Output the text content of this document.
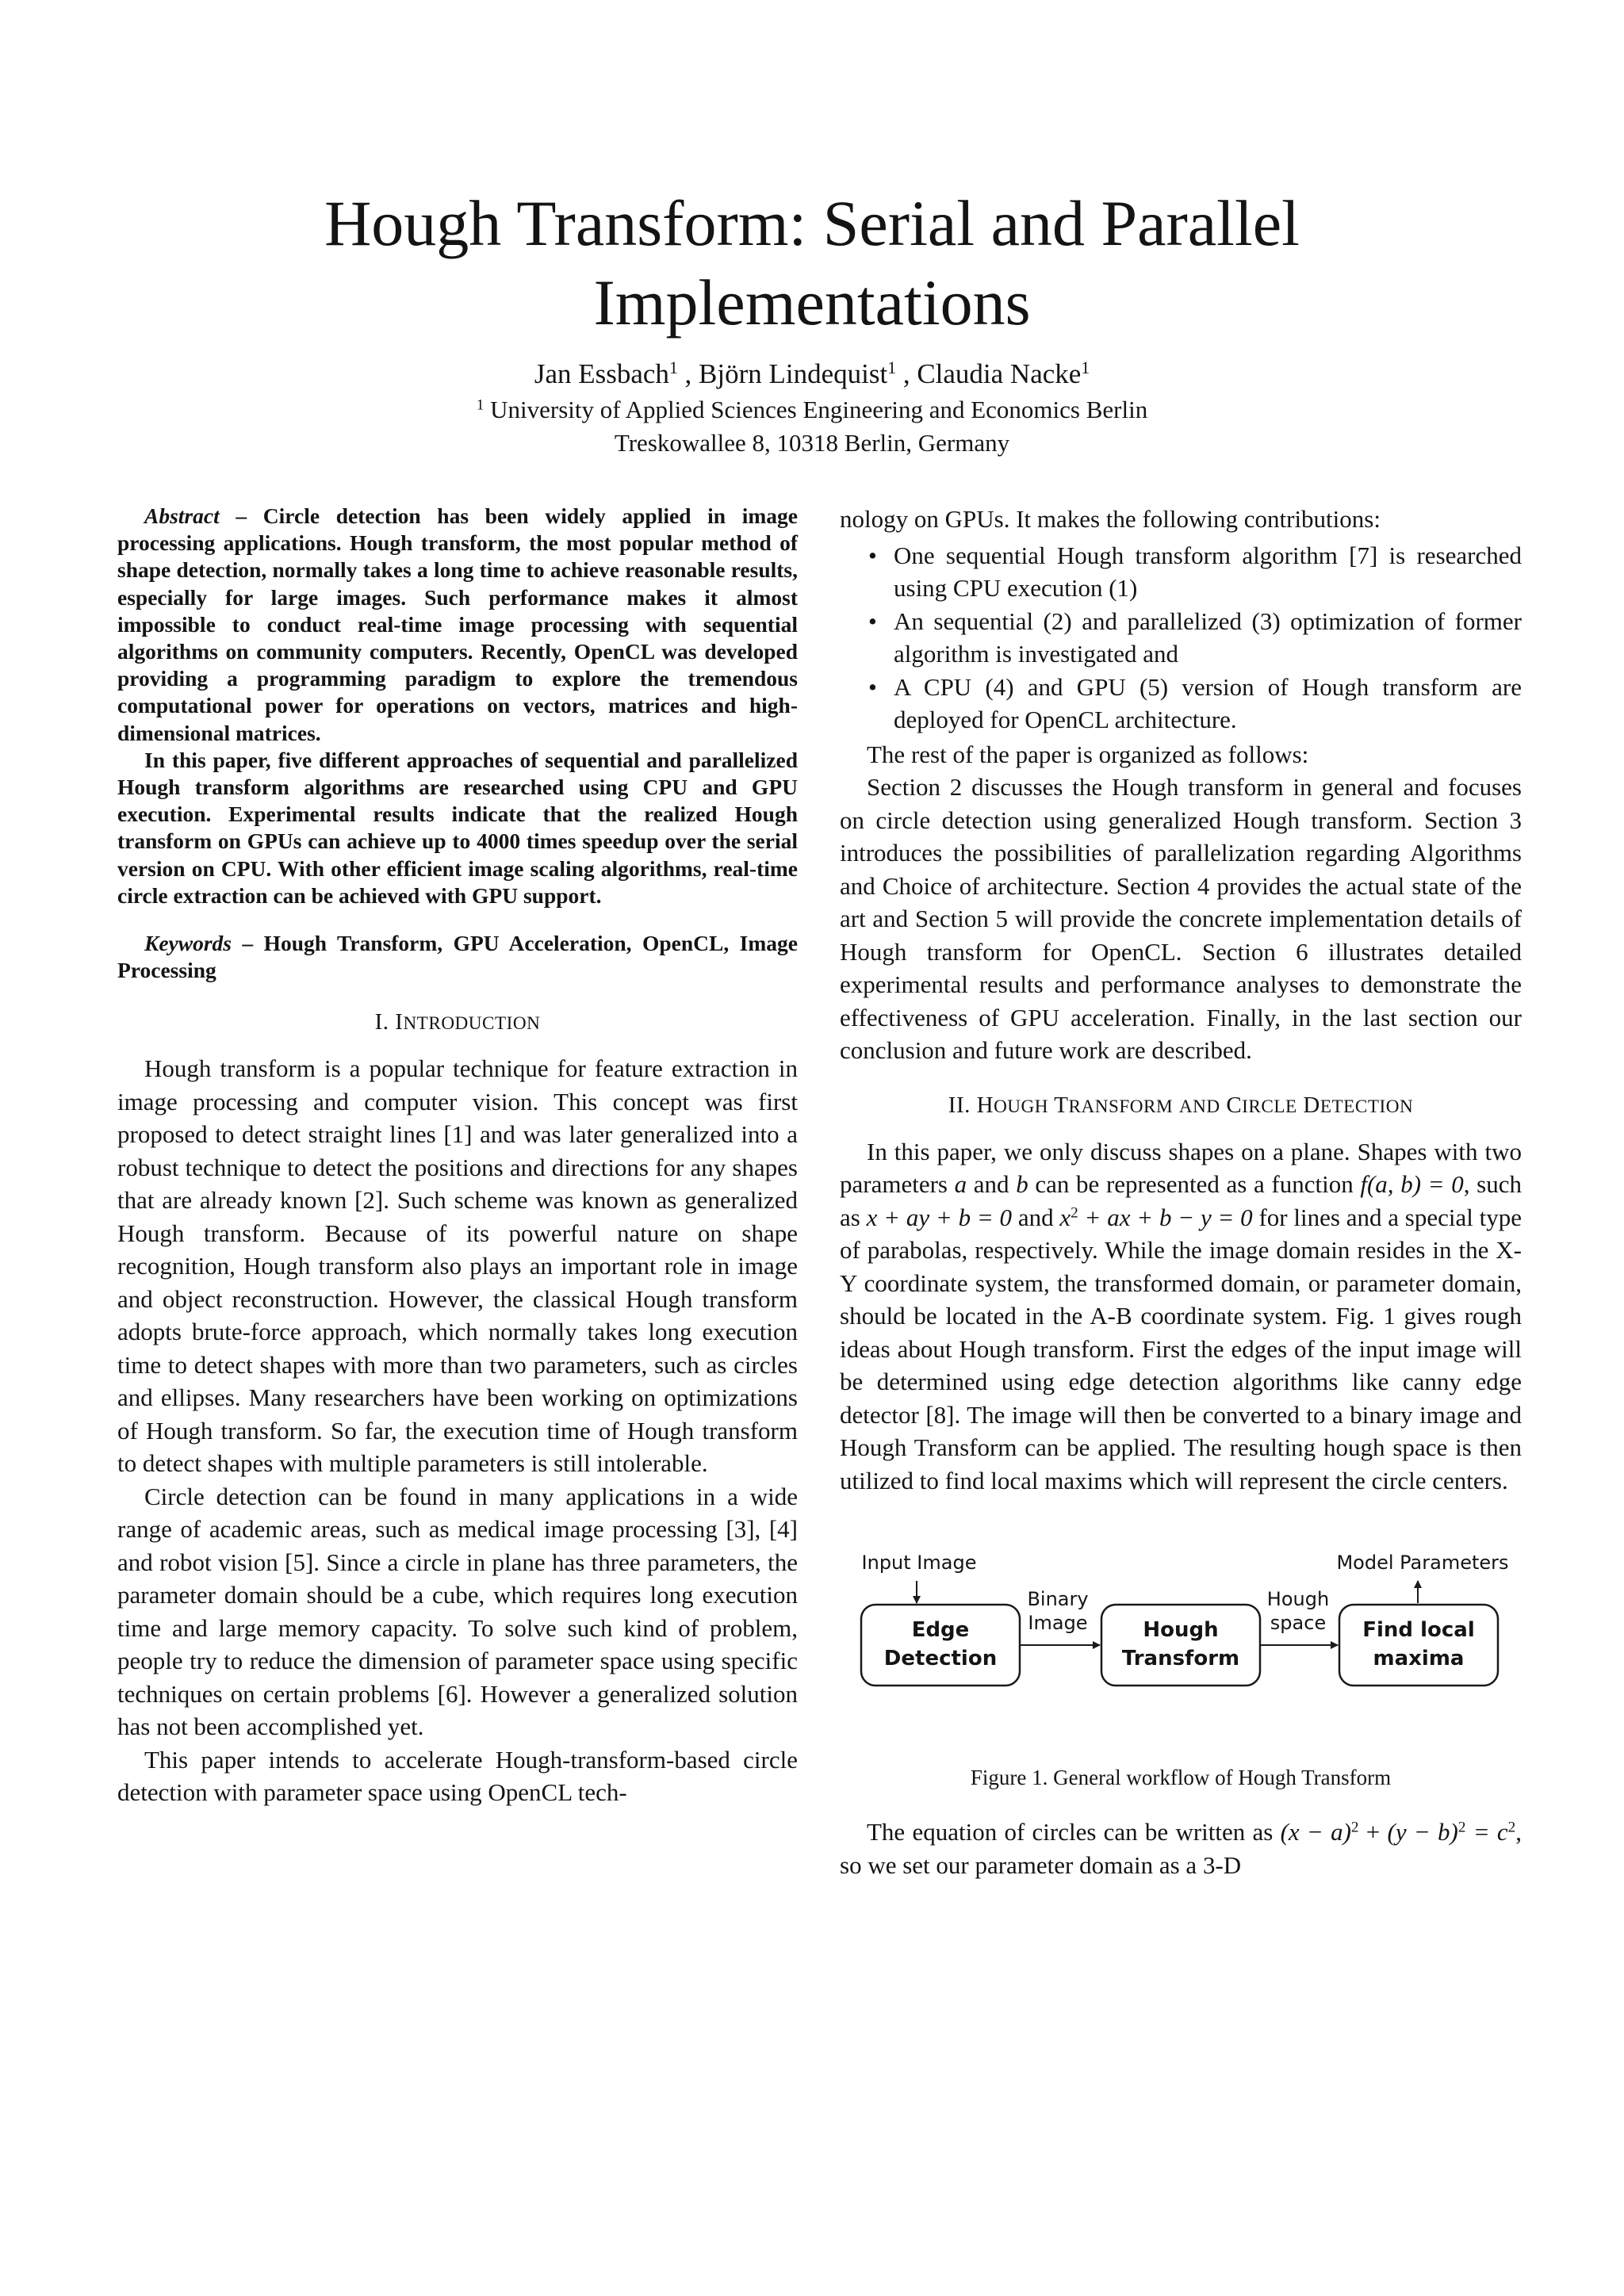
Hough Transform: Serial and Parallel
Implementations
Jan Essbach$^1$ , Björn Lindequist$^1$ , Claudia Nacke$^1$
$^1$ University of Applied Sciences Engineering and Economics Berlin
Treskowallee 8, 10318 Berlin, Germany

Abstract – Circle detection has been widely applied in image processing applications. Hough transform, the most popular method of shape detection, normally takes a long time to achieve reasonable results, especially for large images. Such performance makes it almost impossible to conduct real-time image processing with sequential algorithms on community computers. Recently, OpenCL was developed providing a programming paradigm to explore the tremendous computational power for operations on vectors, matrices and high-dimensional matrices.

In this paper, five different approaches of sequential and parallelized Hough transform algorithms are researched using CPU and GPU execution. Experimental results indicate that the realized Hough transform on GPUs can achieve up to 4000 times speedup over the serial version on CPU. With other efficient image scaling algorithms, real-time circle extraction can be achieved with GPU support.

Keywords – Hough Transform, GPU Acceleration, OpenCL, Image Processing

I. INTRODUCTION

Hough transform is a popular technique for feature extraction in image processing and computer vision. This concept was first proposed to detect straight lines [1] and was later generalized into a robust technique to detect the positions and directions for any shapes that are already known [2]. Such scheme was known as generalized Hough transform. Because of its powerful nature on shape recognition, Hough transform also plays an important role in image and object reconstruction. However, the classical Hough transform adopts brute-force approach, which normally takes long execution time to detect shapes with more than two parameters, such as circles and ellipses. Many researchers have been working on optimizations of Hough transform. So far, the execution time of Hough transform to detect shapes with multiple parameters is still intolerable.

Circle detection can be found in many applications in a wide range of academic areas, such as medical image processing [3], [4] and robot vision [5]. Since a circle in plane has three parameters, the parameter domain should be a cube, which requires long execution time and large memory capacity. To solve such kind of problem, people try to reduce the dimension of parameter space using specific techniques on certain problems [6]. However a generalized solution has not been accomplished yet.

This paper intends to accelerate Hough-transform-based circle detection with parameter space using OpenCL tech-

nology on GPUs. It makes the following contributions:

• One sequential Hough transform algorithm [7] is researched using CPU execution (1)
• An sequential (2) and parallelized (3) optimization of former algorithm is investigated and
• A CPU (4) and GPU (5) version of Hough transform are deployed for OpenCL architecture.

The rest of the paper is organized as follows:

Section 2 discusses the Hough transform in general and focuses on circle detection using generalized Hough transform. Section 3 introduces the possibilities of parallelization regarding Algorithms and Choice of architecture. Section 4 provides the actual state of the art and Section 5 will provide the concrete implementation details of Hough transform for OpenCL. Section 6 illustrates detailed experimental results and performance analyses to demonstrate the effectiveness of GPU acceleration. Finally, in the last section our conclusion and future work are described.

II. HOUGH TRANSFORM AND CIRCLE DETECTION

In this paper, we only discuss shapes on a plane. Shapes with two parameters a and b can be represented as a function f(a, b) = 0, such as x + ay + b = 0 and $x^2$ + ax + b − y = 0 for lines and a special type of parabolas, respectively. While the image domain resides in the X-Y coordinate system, the transformed domain, or parameter domain, should be located in the A-B coordinate system. Fig. 1 gives rough ideas about Hough transform. First the edges of the input image will be determined using edge detection algorithms like canny edge detector [8]. The image will then be converted to a binary image and Hough Transform can be applied. The resulting hough space is then utilized to find local maxims which will represent the circle centers.

Input Image	Model Parameters
Edge
Detection
Hough
Transform
Find local
maxima
Binary
Image
Hough
space
Figure 1. General workflow of Hough Transform

The equation of circles can be written as $(x - a)^2 + (y - b)^2 = c^2$, so we set our parameter domain as a 3-D
